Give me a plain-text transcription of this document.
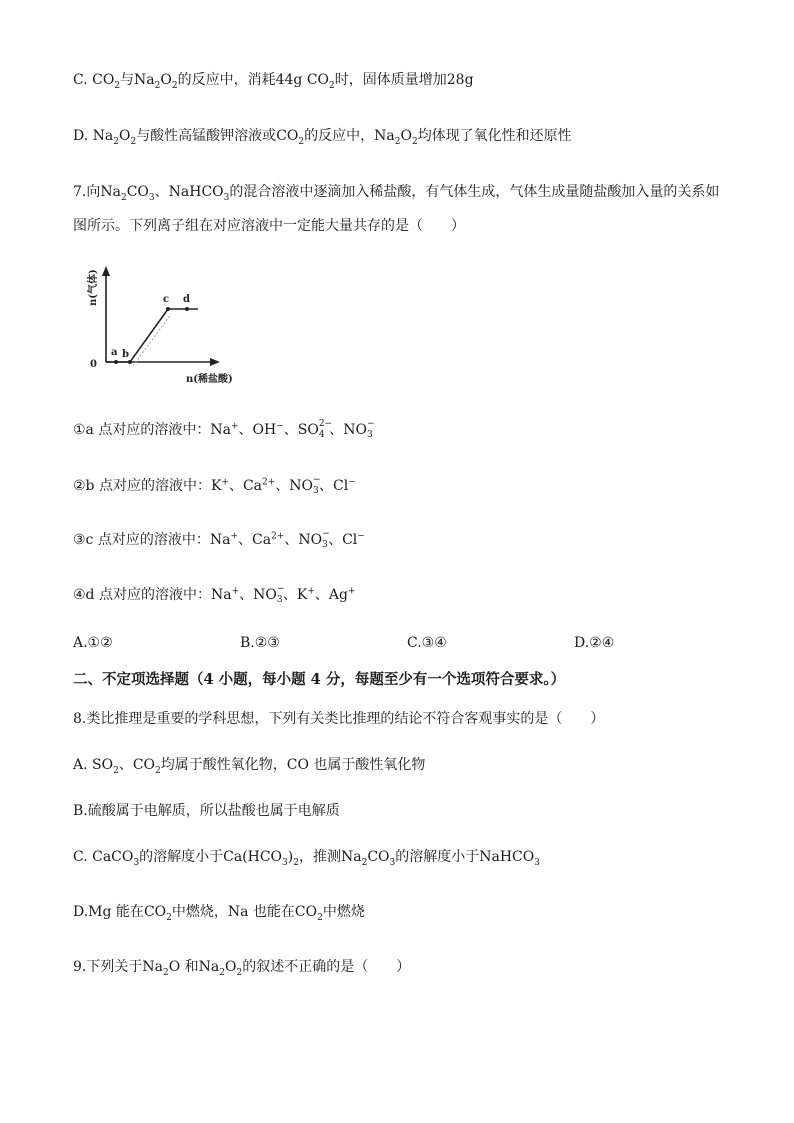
C. $CO_2$与$Na_2O_2$的反应中，消耗44g $CO_2$时，固体质量增加28g
D. $Na_2O_2$与酸性高锰酸钾溶液或$CO_2$的反应中，$Na_2O_2$均体现了氧化性和还原性
7.向$Na_2CO_3$、NaHCO$_3$的混合溶液中逐滴加入稀盐酸，有气体生成，气体生成量随盐酸加入量的关系如
图所示。下列离子组在对应溶液中一定能大量共存的是（　　）
0
a b
c d
n(气体)
n(稀盐酸)
①a 点对应的溶液中：Na+、OH−、SO 2−
4 、NO −
3
②b 点对应的溶液中：K+、$Ca^{2+}$、NO −
3 、Cl−
③c 点对应的溶液中：Na+、$Ca^{2+}$、NO −
3 、Cl−
④d 点对应的溶液中：Na+、NO −
3 、K+、Ag+
A.①②	B.②③	C.③④	D.②④
二、不定项选择题（4 小题，每小题 4 分，每题至少有一个选项符合要求。）
8.类比推理是重要的学科思想，下列有关类比推理的结论不符合客观事实的是（　　）
A. $SO_2$、$CO_2$均属于酸性氧化物，CO 也属于酸性氧化物
B.硫酸属于电解质，所以盐酸也属于电解质
C. CaCO$_3$的溶解度小于$Ca(HCO_3)_2$，推测$Na_2CO_3$的溶解度小于NaHCO$_3$
D.Mg 能在$CO_2$中燃烧，Na 也能在$CO_2$中燃烧
9.下列关于$Na_2O$ 和$Na_2O_2$的叙述不正确的是（　　）
